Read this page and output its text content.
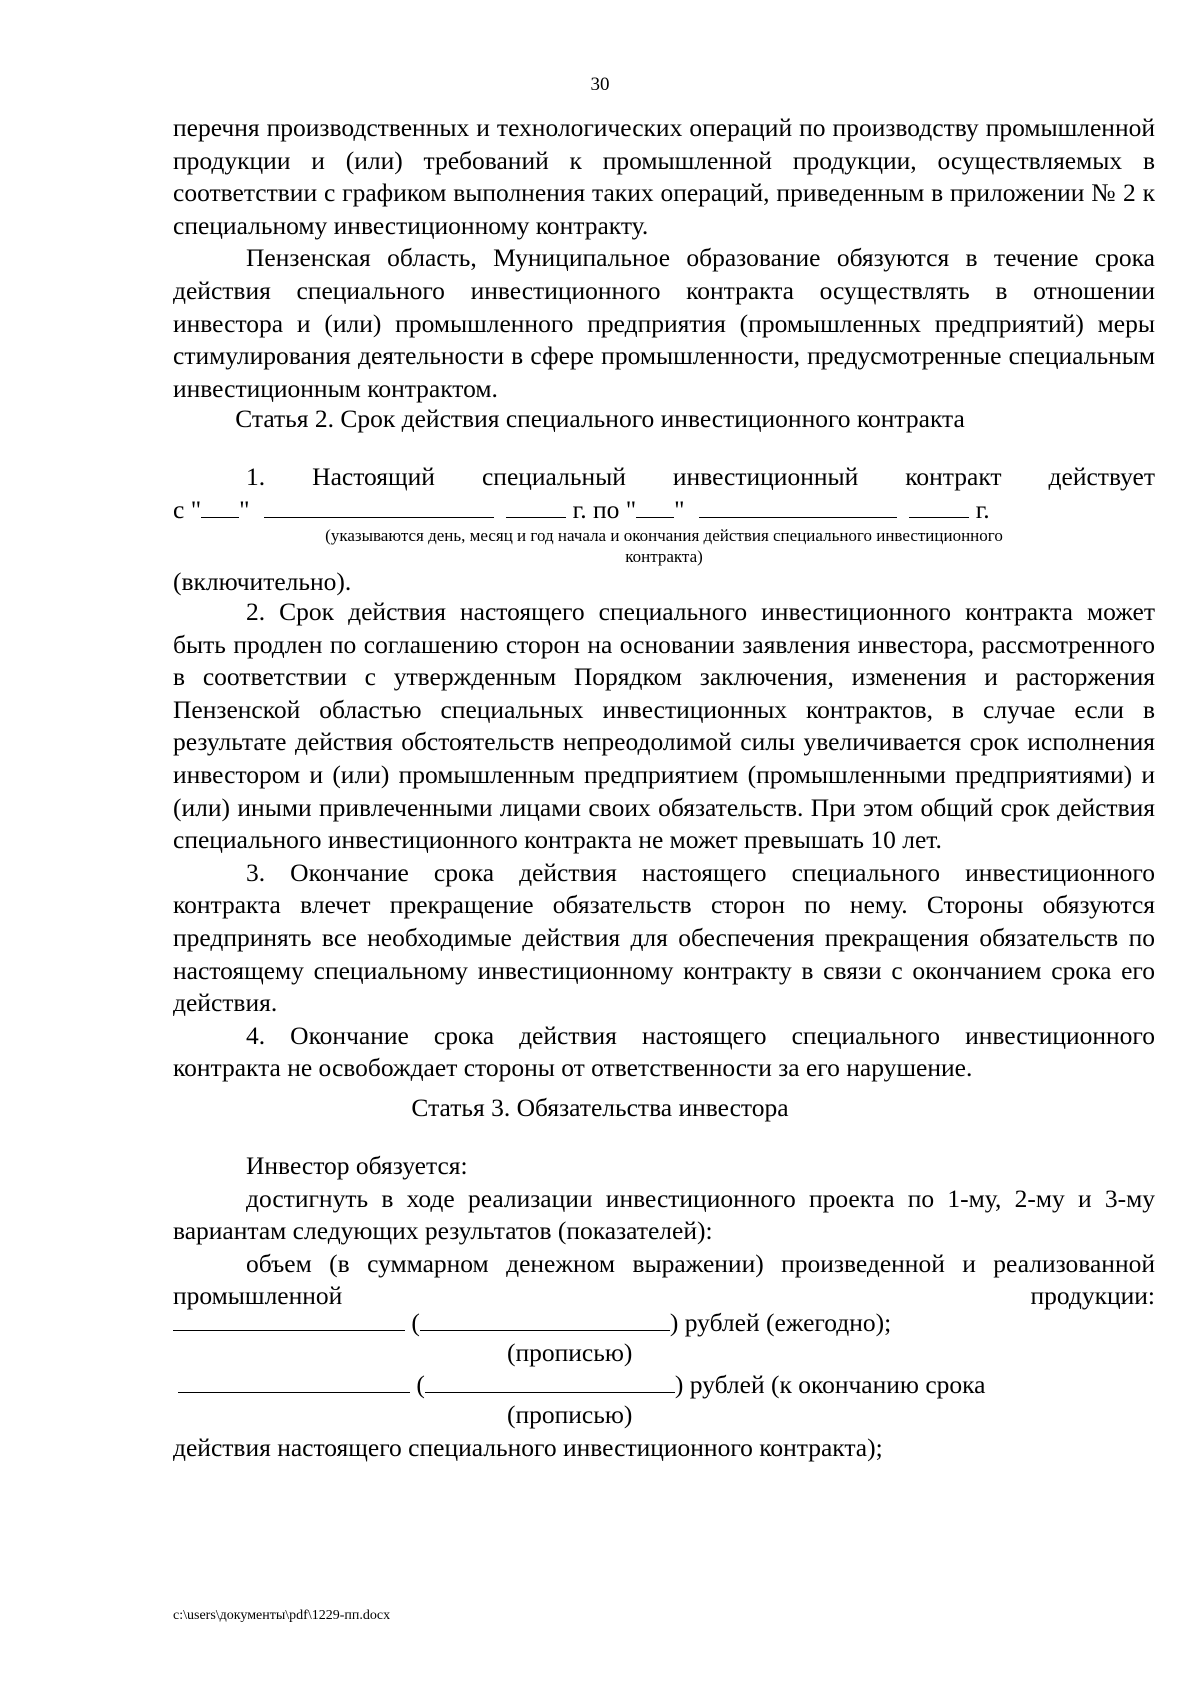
30

перечня производственных и технологических операций по производству промышленной продукции и (или) требований к промышленной продукции, осуществляемых в соответствии с графиком выполнения таких операций, приведенным в приложении № 2 к специальному инвестиционному контракту.

Пензенская область, Муниципальное образование обязуются в течение срока действия специального инвестиционного контракта осуществлять в отношении инвестора и (или) промышленного предприятия (промышленных предприятий) меры стимулирования деятельности в сфере промышленности, предусмотренные специальным инвестиционным контрактом.

Статья 2. Срок действия специального инвестиционного контракта
1. Настоящий специальный инвестиционный контракт действует
с " "	г. по " "	г.
(указываются день, месяц и год начала и окончания действия специального инвестиционного контракта)
(включительно).

2. Срок действия настоящего специального инвестиционного контракта может быть продлен по соглашению сторон на основании заявления инвестора, рассмотренного в соответствии с утвержденным Порядком заключения, изменения и расторжения Пензенской областью специальных инвестиционных контрактов, в случае если в результате действия обстоятельств непреодолимой силы увеличивается срок исполнения инвестором и (или) промышленным предприятием (промышленными предприятиями) и (или) иными привлеченными лицами своих обязательств. При этом общий срок действия специального инвестиционного контракта не может превышать 10 лет.

3. Окончание срока действия настоящего специального инвестиционного контракта влечет прекращение обязательств сторон по нему. Стороны обязуются предпринять все необходимые действия для обеспечения прекращения обязательств по настоящему специальному инвестиционному контракту в связи с окончанием срока его действия.

4. Окончание срока действия настоящего специального инвестиционного контракта не освобождает стороны от ответственности за его нарушение.

Статья 3. Обязательства инвестора

Инвестор обязуется:

достигнуть в ходе реализации инвестиционного проекта по 1-му, 2-му и 3-му вариантам следующих результатов (показателей):

объем (в суммарном денежном выражении) произведенной и реализованной промышленной продукции:

(	) рублей (ежегодно);
(прописью)
(	) рублей (к окончанию срока
(прописью)
действия настоящего специального инвестиционного контракта);
c:\users\документы\pdf\1229-пп.docx
